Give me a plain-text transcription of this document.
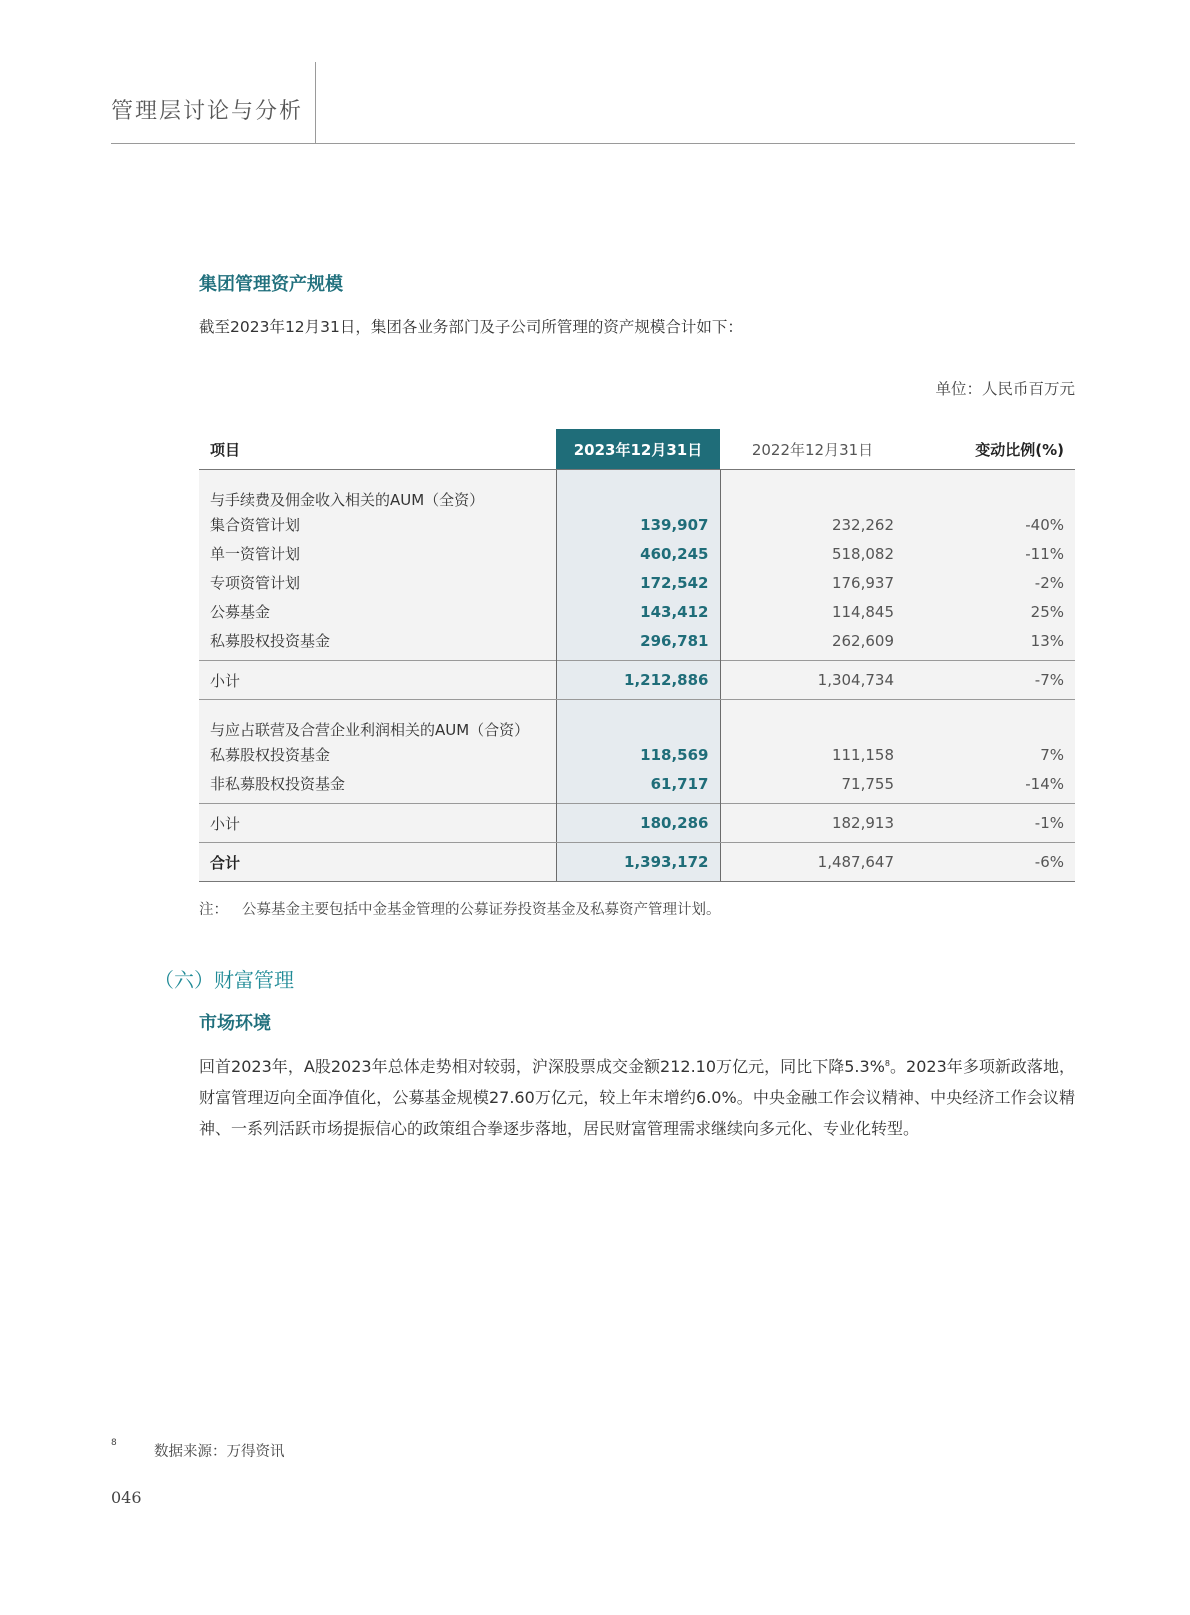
管理层讨论与分析
集团管理资产规模
截至2023年12月31日，集团各业务部门及子公司所管理的资产规模合计如下：
单位：人民币百万元
项目	2023年12月31日	2022年12月31日	变动比例(%)
与手续费及佣金收入相关的AUM（全资）			
集合资管计划	139,907	232,262	-40%
单一资管计划	460,245	518,082	-11%
专项资管计划	172,542	176,937	-2%
公募基金	143,412	114,845	25%
私募股权投资基金	296,781	262,609	13%
小计	1,212,886	1,304,734	-7%
与应占联营及合营企业利润相关的AUM（合资）			
私募股权投资基金	118,569	111,158	7%
非私募股权投资基金	61,717	71,755	-14%
小计	180,286	182,913	-1%
合计	1,393,172	1,487,647	-6%
注： 公募基金主要包括中金基金管理的公募证券投资基金及私募资产管理计划。
（六）财富管理
市场环境
回首2023年，A股2023年总体走势相对较弱，沪深股票成交金额212.10万亿元，同比下降5.3%$^8$。2023年多项新政落地，财富管理迈向全面净值化，公募基金规模27.60万亿元，较上年末增约6.0%。中央金融工作会议精神、中央经济工作会议精神、一系列活跃市场提振信心的政策组合拳逐步落地，居民财富管理需求继续向多元化、专业化转型。
8
数据来源：万得资讯
046
